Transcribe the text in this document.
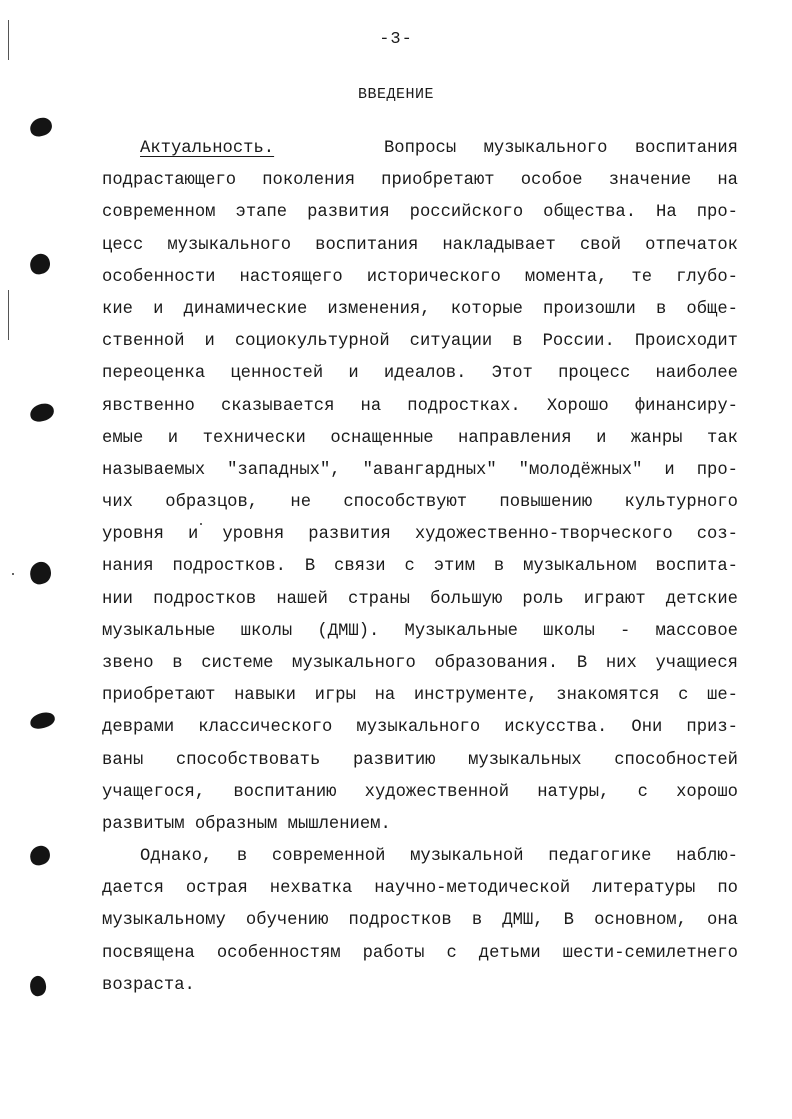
-3-
ВВЕДЕНИЕ
Актуальность.	Вопросы музыкального воспитания
подрастающего поколения приобретают особое значение на
современном этапе развития российского общества. На про-
цесс музыкального воспитания накладывает свой отпечаток
особенности настоящего исторического момента, те глубо-
кие и динамические изменения, которые произошли в обще-
ственной и социокультурной ситуации в России. Происходит
переоценка ценностей и идеалов. Этот процесс наиболее
явственно сказывается на подростках. Хорошо финансиру-
емые и технически оснащенные направления и жанры так
называемых "западных", "авангардных" "молодёжных" и про-
чих образцов, не способствуют повышению культурного
уровня и уровня развития художественно-творческого соз-
нания подростков. В связи с этим в музыкальном воспита-
нии подростков нашей страны большую роль играют детские
музыкальные школы (ДМШ). Музыкальные школы - массовое
звено в системе музыкального образования. В них учащиеся
приобретают навыки игры на инструменте, знакомятся с ше-
деврами классического музыкального искусства. Они приз-
ваны способствовать развитию музыкальных способностей
учащегося, воспитанию художественной натуры, с хорошо
развитым образным мышлением.
Однако, в современной музыкальной педагогике наблю-
дается острая нехватка научно-методической литературы по
музыкальному обучению подростков в ДМШ, В основном, она
посвящена особенностям работы с детьми шести-семилетнего
возраста.
